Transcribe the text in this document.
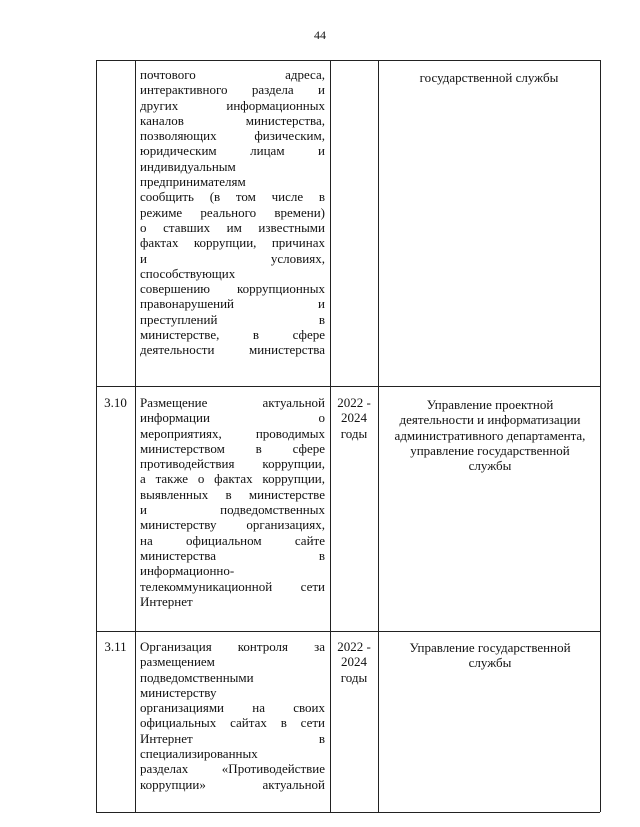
44
почтового адреса,
интерактивного раздела и
других информационных
каналов министерства,
позволяющих физическим,
юридическим лицам и
индивидуальным
предпринимателям
сообщить (в том числе в
режиме реального времени)
о ставших им известными
фактах коррупции, причинах
и условиях,
способствующих
совершению коррупционных
правонарушений и
преступлений в
министерстве, в сфере
деятельности министерства
государственной службы
3.10	Размещение актуальной
информации о
мероприятиях, проводимых
министерством в сфере
противодействия коррупции,
а также о фактах коррупции,
выявленных в министерстве
и подведомственных
министерству организациях,
на официальном сайте
министерства в
информационно-
телекоммуникационной сети
Интернет
2022 - 2024 годы
Управление проектной деятельности и информатизации административного департамента, управление государственной службы
3.11	Организация контроля за
размещением
подведомственными
министерству
организациями на своих
официальных сайтах в сети
Интернет в
специализированных
разделах «Противодействие
коррупции» актуальной
2022 - 2024 годы
Управление государственной службы
